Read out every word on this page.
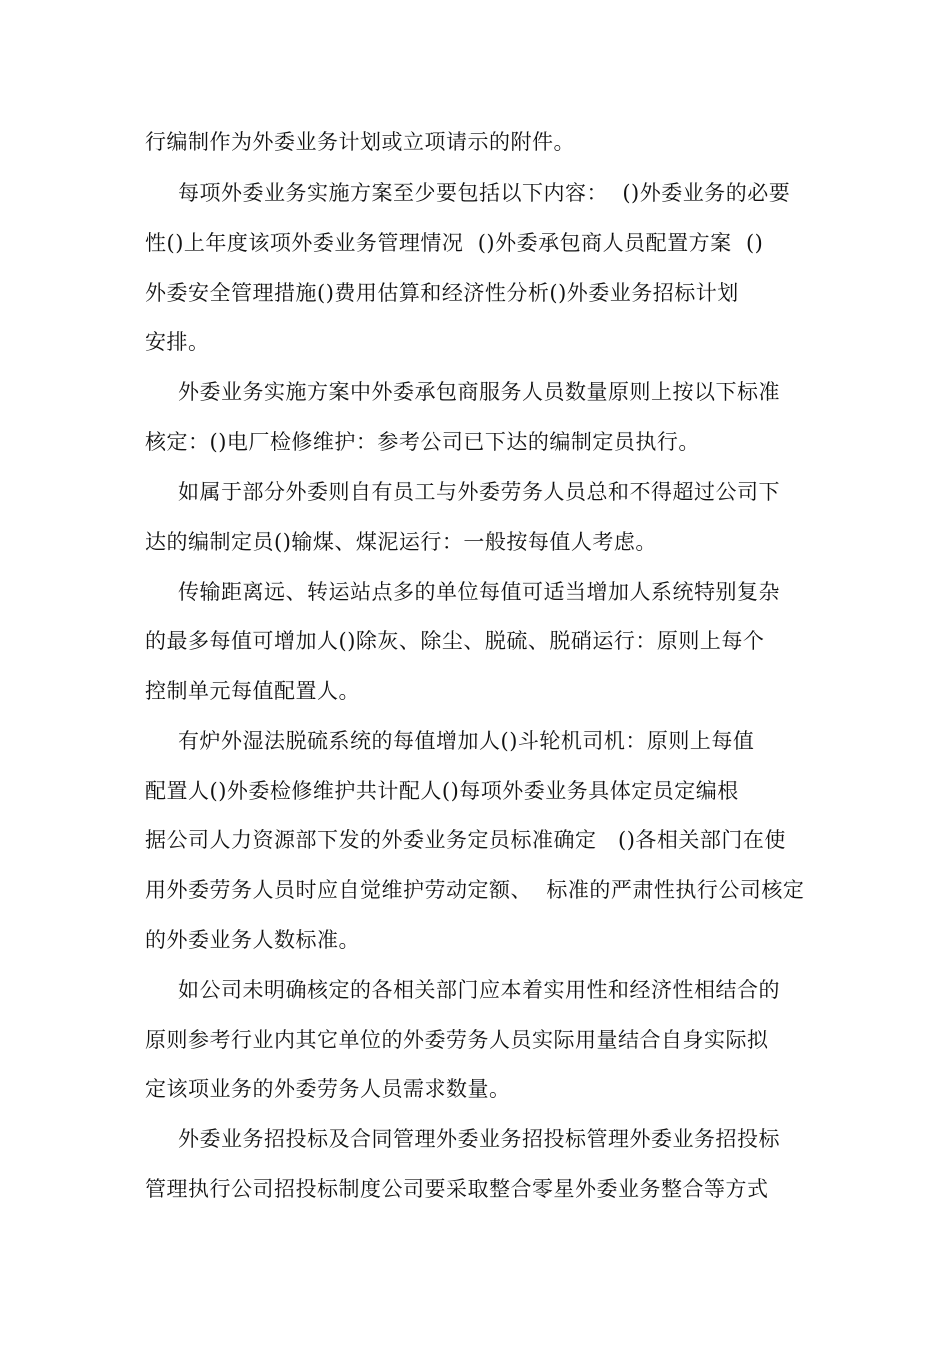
行编制作为外委业务计划或立项请示的附件。
每项外委业务实施方案至少要包括以下内容：  ()外委业务的必要
性()上年度该项外委业务管理情况  ()外委承包商人员配置方案  ()
外委安全管理措施()费用估算和经济性分析()外委业务招标计划
安排。
外委业务实施方案中外委承包商服务人员数量原则上按以下标准
核定：()电厂检修维护：参考公司已下达的编制定员执行。
如属于部分外委则自有员工与外委劳务人员总和不得超过公司下
达的编制定员()输煤、煤泥运行：一般按每值人考虑。
传输距离远、转运站点多的单位每值可适当增加人系统特别复杂
的最多每值可增加人()除灰、除尘、脱硫、脱硝运行：原则上每个
控制单元每值配置人。
有炉外湿法脱硫系统的每值增加人()斗轮机司机：原则上每值
配置人()外委检修维护共计配人()每项外委业务具体定员定编根
据公司人力资源部下发的外委业务定员标准确定   ()各相关部门在使
用外委劳务人员时应自觉维护劳动定额、  标准的严肃性执行公司核定
的外委业务人数标准。
如公司未明确核定的各相关部门应本着实用性和经济性相结合的
原则参考行业内其它单位的外委劳务人员实际用量结合自身实际拟
定该项业务的外委劳务人员需求数量。
外委业务招投标及合同管理外委业务招投标管理外委业务招投标
管理执行公司招投标制度公司要采取整合零星外委业务整合等方式
